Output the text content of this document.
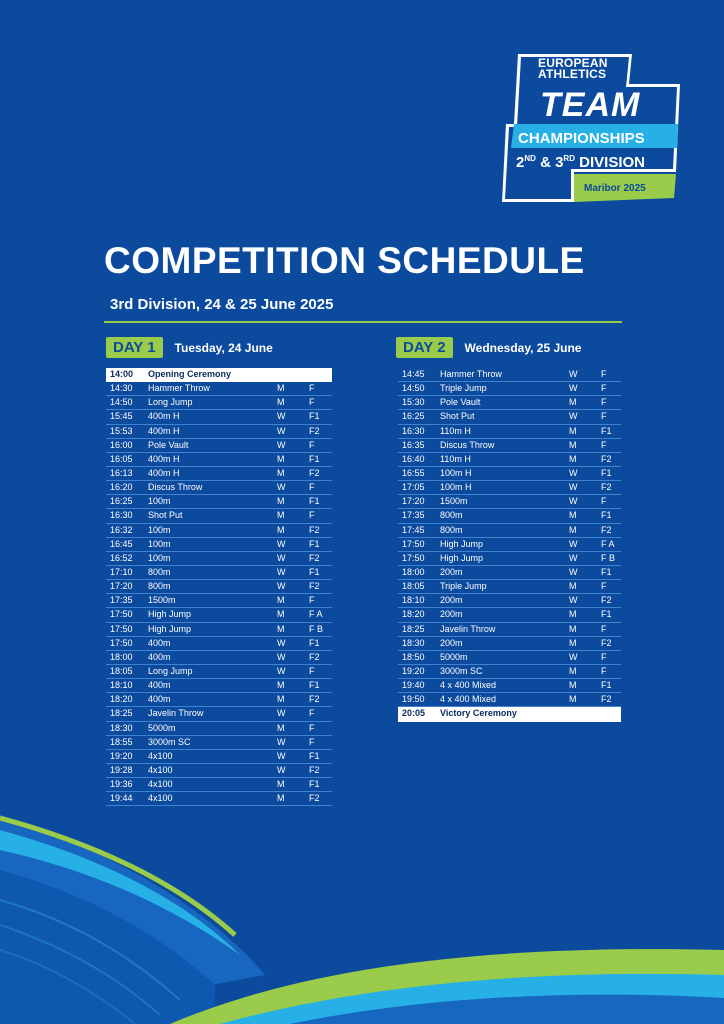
EUROPEAN
ATHLETICS
TEAM
CHAMPIONSHIPS
2ND & 3RD DIVISION
Maribor 2025
COMPETITION SCHEDULE
3rd Division, 24 & 25 June 2025
DAY 1	Tuesday, 24 June
14:00 Opening Ceremony
14:30 Hammer Throw	M	F
14:50 Long Jump	M	F
15:45 400m H	W	F1
15:53 400m H	W	F2
16:00 Pole Vault	W	F
16:05 400m H	M	F1
16:13 400m H	M	F2
16:20 Discus Throw	W	F
16:25 100m	M	F1
16:30 Shot Put	M	F
16:32 100m	M	F2
16:45 100m	W	F1
16:52 100m	W	F2
17:10 800m	W	F1
17:20 800m	W	F2
17:35 1500m	M	F
17:50 High Jump	M	F A
17:50 High Jump	M	F B
17:50 400m	W	F1
18:00 400m	W	F2
18:05 Long Jump	W	F
18:10 400m	M	F1
18:20 400m	M	F2
18:25 Javelin Throw	W	F
18:30 5000m	M	F
18:55 3000m SC	W	F
19:20 4x100	W	F1
19:28 4x100	W	F2
19:36 4x100	M	F1
19:44 4x100	M	F2
DAY 2	Wednesday, 25 June
14:45 Hammer Throw	W	F
14:50 Triple Jump	W	F
15:30 Pole Vault	M	F
16:25 Shot Put	W	F
16:30 110m H	M	F1
16:35 Discus Throw	M	F
16:40 110m H	M	F2
16:55 100m H	W	F1
17:05 100m H	W	F2
17:20 1500m	W	F
17:35 800m	M	F1
17:45 800m	M	F2
17:50 High Jump	W	F A
17:50 High Jump	W	F B
18:00 200m	W	F1
18:05 Triple Jump	M	F
18:10 200m	W	F2
18:20 200m	M	F1
18:25 Javelin Throw	M	F
18:30 200m	M	F2
18:50 5000m	W	F
19:20 3000m SC	M	F
19:40 4 x 400 Mixed	M	F1
19:50 4 x 400 Mixed	M	F2
20:05 Victory Ceremony
